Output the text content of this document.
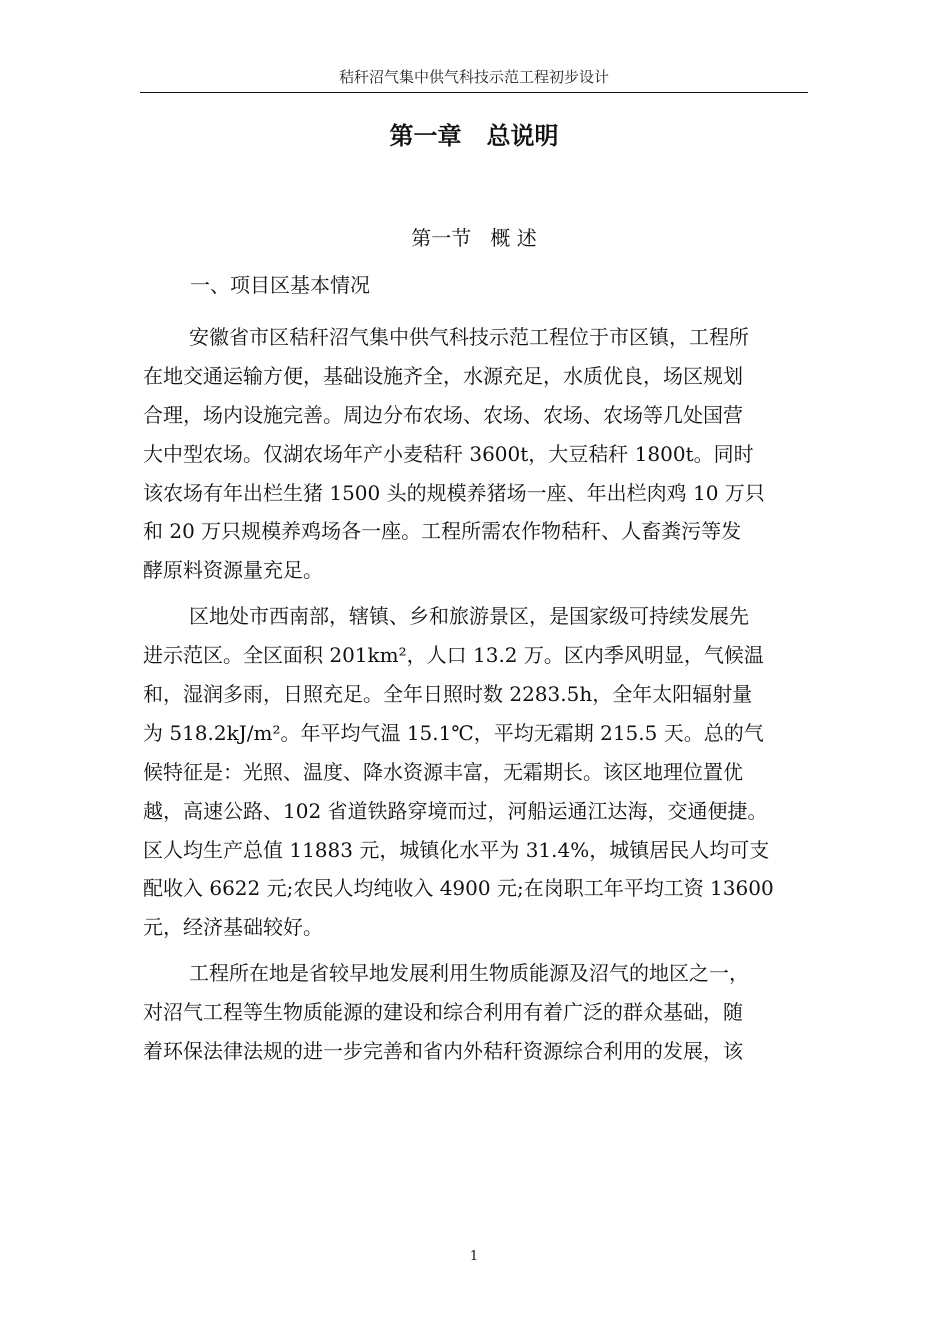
秸秆沼气集中供气科技示范工程初步设计
第一章   总说明
第一节   概 述
一、项目区基本情况
安徽省市区秸秆沼气集中供气科技示范工程位于市区镇，工程所
在地交通运输方便，基础设施齐全，水源充足，水质优良，场区规划
合理，场内设施完善。周边分布农场、农场、农场、农场等几处国营
大中型农场。仅湖农场年产小麦秸秆 3600t，大豆秸秆 1800t。同时
该农场有年出栏生猪 1500 头的规模养猪场一座、年出栏肉鸡 10 万只
和 20 万只规模养鸡场各一座。工程所需农作物秸秆、人畜粪污等发
酵原料资源量充足。
区地处市西南部，辖镇、乡和旅游景区，是国家级可持续发展先
进示范区。全区面积 201km²，人口 13.2 万。区内季风明显，气候温
和，湿润多雨，日照充足。全年日照时数 2283.5h，全年太阳辐射量
为 518.2kJ/m²。年平均气温 15.1℃，平均无霜期 215.5 天。总的气
候特征是：光照、温度、降水资源丰富，无霜期长。该区地理位置优
越，高速公路、102 省道铁路穿境而过，河船运通江达海，交通便捷。
区人均生产总值 11883 元，城镇化水平为 31.4%，城镇居民人均可支
配收入 6622 元;农民人均纯收入 4900 元;在岗职工年平均工资 13600
元，经济基础较好。
工程所在地是省较早地发展利用生物质能源及沼气的地区之一，
对沼气工程等生物质能源的建设和综合利用有着广泛的群众基础，随
着环保法律法规的进一步完善和省内外秸秆资源综合利用的发展，该
1
